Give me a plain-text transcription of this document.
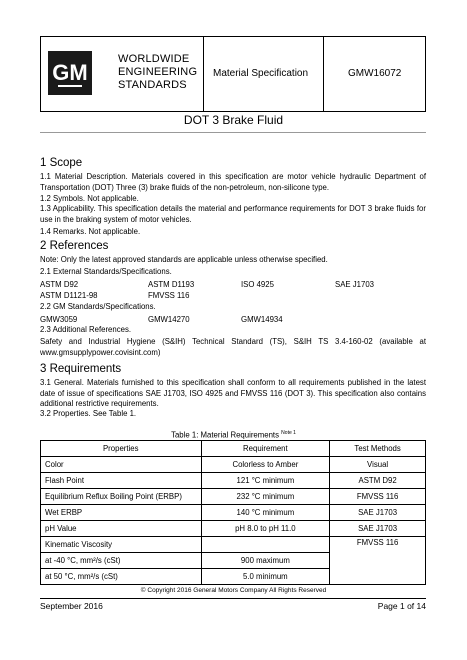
GM
WORLDWIDE
ENGINEERING
STANDARDS
Material Specification	GMW16072
DOT 3 Brake Fluid
1 Scope
1.1 Material Description. Materials covered in this specification are motor vehicle hydraulic Department of Transportation (DOT) Three (3) brake fluids of the non-petroleum, non-silicone type.
1.2 Symbols. Not applicable.
1.3 Applicability. This specification details the material and performance requirements for DOT 3 brake fluids for use in the braking system of motor vehicles.
1.4 Remarks. Not applicable.
2 References
Note: Only the latest approved standards are applicable unless otherwise specified.
2.1 External Standards/Specifications.
ASTM D92	ASTM D1193	ISO 4925	SAE J1703
ASTM D1121-98	FMVSS 116
2.2 GM Standards/Specifications.
GMW3059	GMW14270	GMW14934
2.3 Additional References.
Safety and Industrial Hygiene (S&IH) Technical Standard (TS), S&IH TS 3.4-160-02 (available at www.gmsupplypower.covisint.com)
3 Requirements
3.1 General. Materials furnished to this specification shall conform to all requirements published in the latest date of issue of specifications SAE J1703, ISO 4925 and FMVSS 116 (DOT 3). This specification also contains additional restrictive requirements.
3.2 Properties. See Table 1.
Table 1: Material Requirements $^{Note 1}$
Properties	Requirement	Test Methods
Color	Colorless to Amber	Visual
Flash Point	121 °C minimum	ASTM D92
Equilibrium Reflux Boiling Point (ERBP)	232 °C minimum	FMVSS 116
Wet ERBP	140 °C minimum	SAE J1703
pH Value	pH 8.0 to pH 11.0	SAE J1703
Kinematic Viscosity		FMVSS 116
at -40 °C, mm²/s (cSt)	900 maximum	
at 50 °C, mm²/s (cSt)	5.0 minimum	
© Copyright 2016 General Motors Company All Rights Reserved
September 2016	Page 1 of 14
